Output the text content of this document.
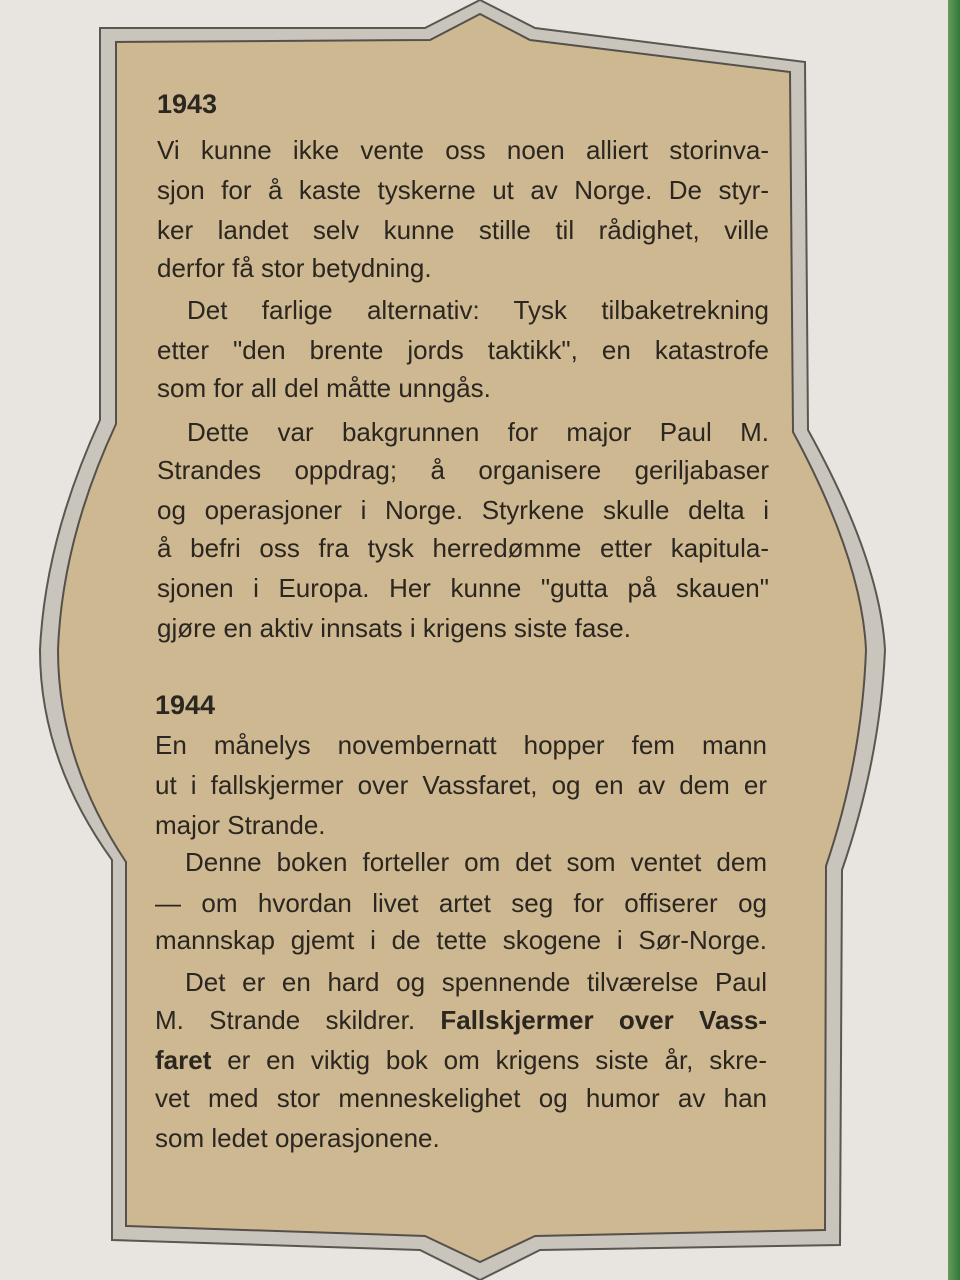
1943
Vi kunne ikke vente oss noen alliert storinva-
sjon for å kaste tyskerne ut av Norge. De styr-
ker landet selv kunne stille til rådighet, ville
derfor få stor betydning.
Det farlige alternativ: Tysk tilbaketrekning
etter "den brente jords taktikk", en katastrofe
som for all del måtte unngås.
Dette var bakgrunnen for major Paul M.
Strandes oppdrag; å organisere geriljabaser
og operasjoner i Norge. Styrkene skulle delta i
å befri oss fra tysk herredømme etter kapitula-
sjonen i Europa. Her kunne "gutta på skauen"
gjøre en aktiv innsats i krigens siste fase.
1944
En månelys novembernatt hopper fem mann
ut i fallskjermer over Vassfaret, og en av dem er
major Strande.
Denne boken forteller om det som ventet dem
— om hvordan livet artet seg for offiserer og
mannskap gjemt i de tette skogene i Sør-Norge.
Det er en hard og spennende tilværelse Paul
M. Strande skildrer. Fallskjermer over Vass-
faret er en viktig bok om krigens siste år, skre-
vet med stor menneskelighet og humor av han
som ledet operasjonene.
